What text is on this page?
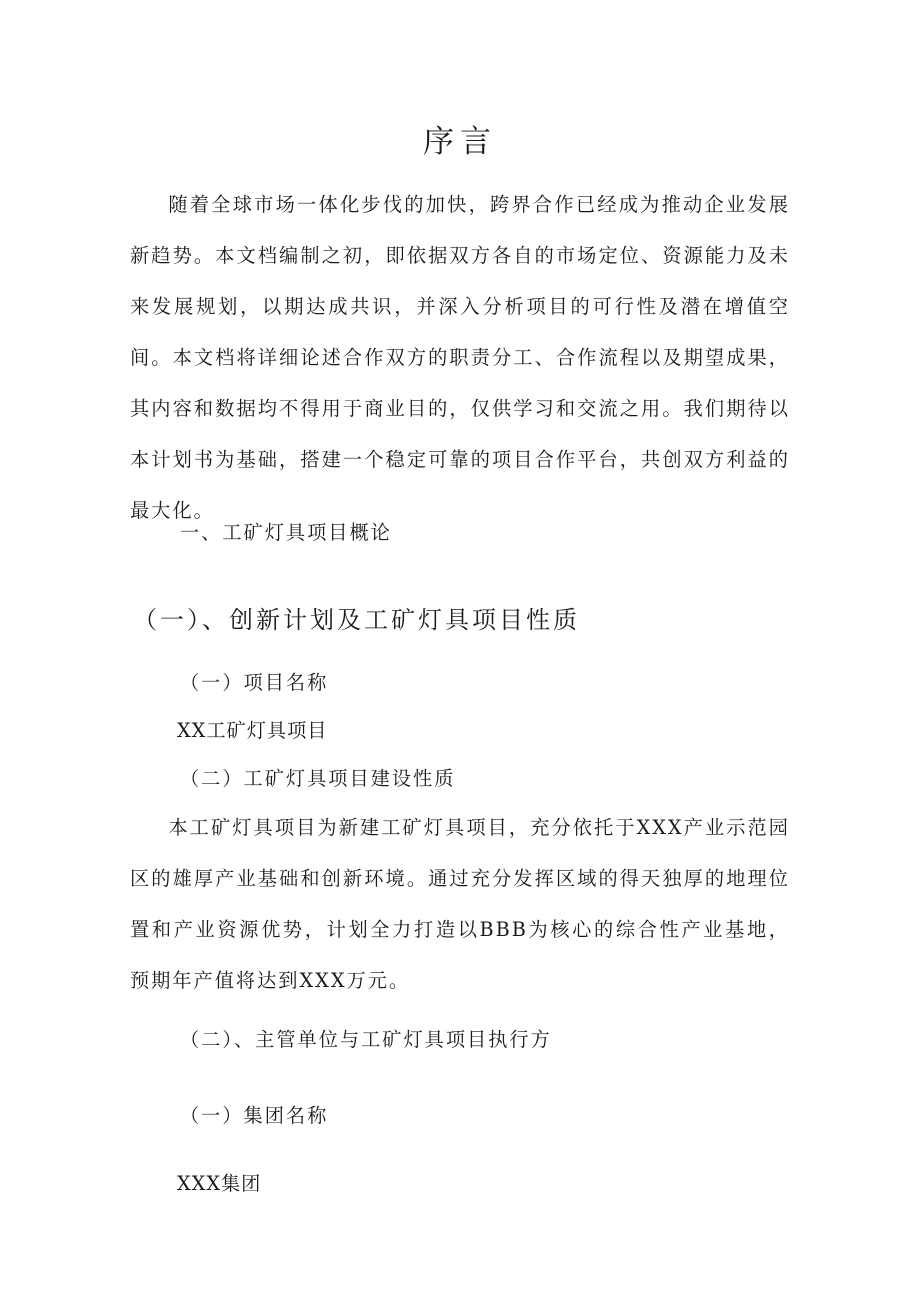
序言

随着全球市场一体化步伐的加快，跨界合作已经成为推动企业发展新趋势。本文档编制之初，即依据双方各自的市场定位、资源能力及未来发展规划，以期达成共识，并深入分析项目的可行性及潜在增值空间。本文档将详细论述合作双方的职责分工、合作流程以及期望成果，其内容和数据均不得用于商业目的，仅供学习和交流之用。我们期待以本计划书为基础，搭建一个稳定可靠的项目合作平台，共创双方利益的最大化。

一、工矿灯具项目概论
（一）、创新计划及工矿灯具项目性质
（一）项目名称
XX工矿灯具项目
（二）工矿灯具项目建设性质

本工矿灯具项目为新建工矿灯具项目，充分依托于XXX产业示范园区的雄厚产业基础和创新环境。通过充分发挥区域的得天独厚的地理位置和产业资源优势，计划全力打造以BBB为核心的综合性产业基地，预期年产值将达到XXX万元。

（二）、主管单位与工矿灯具项目执行方
（一）集团名称
XXX集团
